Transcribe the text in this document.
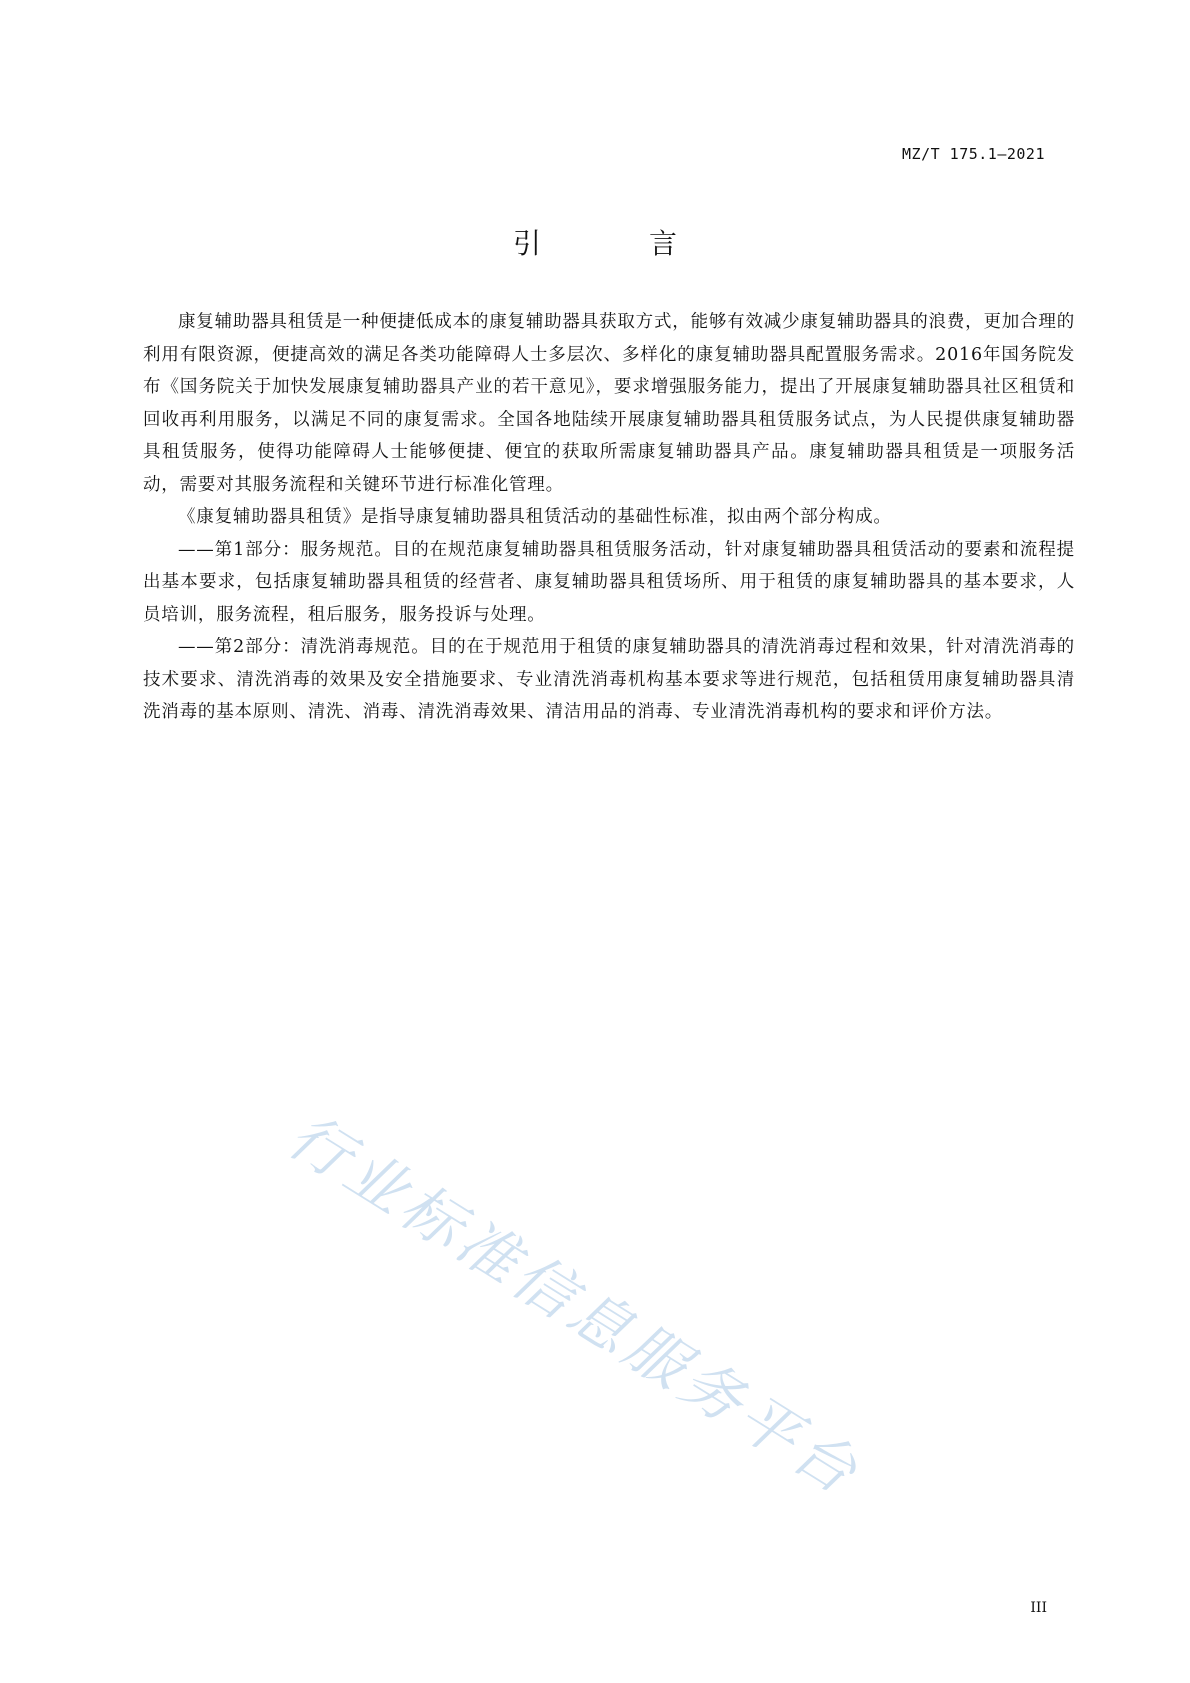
MZ/T 175.1—2021
引　言

康复辅助器具租赁是一种便捷低成本的康复辅助器具获取方式，能够有效减少康复辅助器具的浪费，更加合理的利用有限资源，便捷高效的满足各类功能障碍人士多层次、多样化的康复辅助器具配置服务需求。2016年国务院发布《国务院关于加快发展康复辅助器具产业的若干意见》，要求增强服务能力，提出了开展康复辅助器具社区租赁和回收再利用服务，以满足不同的康复需求。全国各地陆续开展康复辅助器具租赁服务试点，为人民提供康复辅助器具租赁服务，使得功能障碍人士能够便捷、便宜的获取所需康复辅助器具产品。康复辅助器具租赁是一项服务活动，需要对其服务流程和关键环节进行标准化管理。

《康复辅助器具租赁》是指导康复辅助器具租赁活动的基础性标准，拟由两个部分构成。

——第1部分：服务规范。目的在规范康复辅助器具租赁服务活动，针对康复辅助器具租赁活动的要素和流程提出基本要求，包括康复辅助器具租赁的经营者、康复辅助器具租赁场所、用于租赁的康复辅助器具的基本要求，人员培训，服务流程，租后服务，服务投诉与处理。

——第2部分：清洗消毒规范。目的在于规范用于租赁的康复辅助器具的清洗消毒过程和效果，针对清洗消毒的技术要求、清洗消毒的效果及安全措施要求、专业清洗消毒机构基本要求等进行规范，包括租赁用康复辅助器具清洗消毒的基本原则、清洗、消毒、清洗消毒效果、清洁用品的消毒、专业清洗消毒机构的要求和评价方法。

行业标准信息服务平台
III
